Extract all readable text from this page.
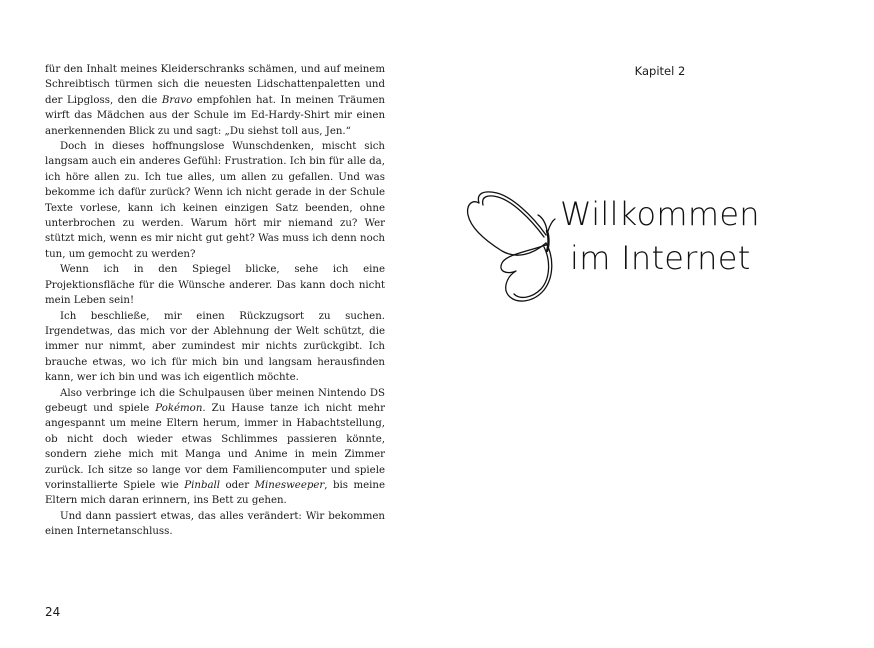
für den Inhalt meines Kleiderschranks schämen, und auf meinem Schreibtisch türmen sich die neuesten Lidschattenpaletten und der Lipgloss, den die Bravo empfohlen hat. In meinen Träumen wirft das Mädchen aus der Schule im Ed-Hardy-Shirt mir einen anerkennenden Blick zu und sagt: „Du siehst toll aus, Jen.“

Doch in dieses hoffnungslose Wunschdenken, mischt sich langsam auch ein anderes Gefühl: Frustration. Ich bin für alle da, ich höre allen zu. Ich tue alles, um allen zu gefallen. Und was bekomme ich dafür zurück? Wenn ich nicht gerade in der Schule Texte vorlese, kann ich keinen einzigen Satz beenden, ohne unterbrochen zu werden. Warum hört mir niemand zu? Wer stützt mich, wenn es mir nicht gut geht? Was muss ich denn noch tun, um gemocht zu werden?

Wenn ich in den Spiegel blicke, sehe ich eine Projektionsfläche für die Wünsche anderer. Das kann doch nicht mein Leben sein!

Ich beschließe, mir einen Rückzugsort zu suchen. Irgendetwas, das mich vor der Ablehnung der Welt schützt, die immer nur nimmt, aber zumindest mir nichts zurückgibt. Ich brauche etwas, wo ich für mich bin und langsam herausfinden kann, wer ich bin und was ich eigentlich möchte.

Also verbringe ich die Schulpausen über meinen Nintendo DS gebeugt und spiele Pokémon. Zu Hause tanze ich nicht mehr angespannt um meine Eltern herum, immer in Habachtstellung, ob nicht doch wieder etwas Schlimmes passieren könnte, sondern ziehe mich mit Manga und Anime in mein Zimmer zurück. Ich sitze so lange vor dem Familiencomputer und spiele vorinstallierte Spiele wie Pinball oder Minesweeper, bis meine Eltern mich daran erinnern, ins Bett zu gehen.

Und dann passiert etwas, das alles verändert: Wir bekommen einen Internetanschluss.

24
Kapitel 2
Willkommen
im Internet
